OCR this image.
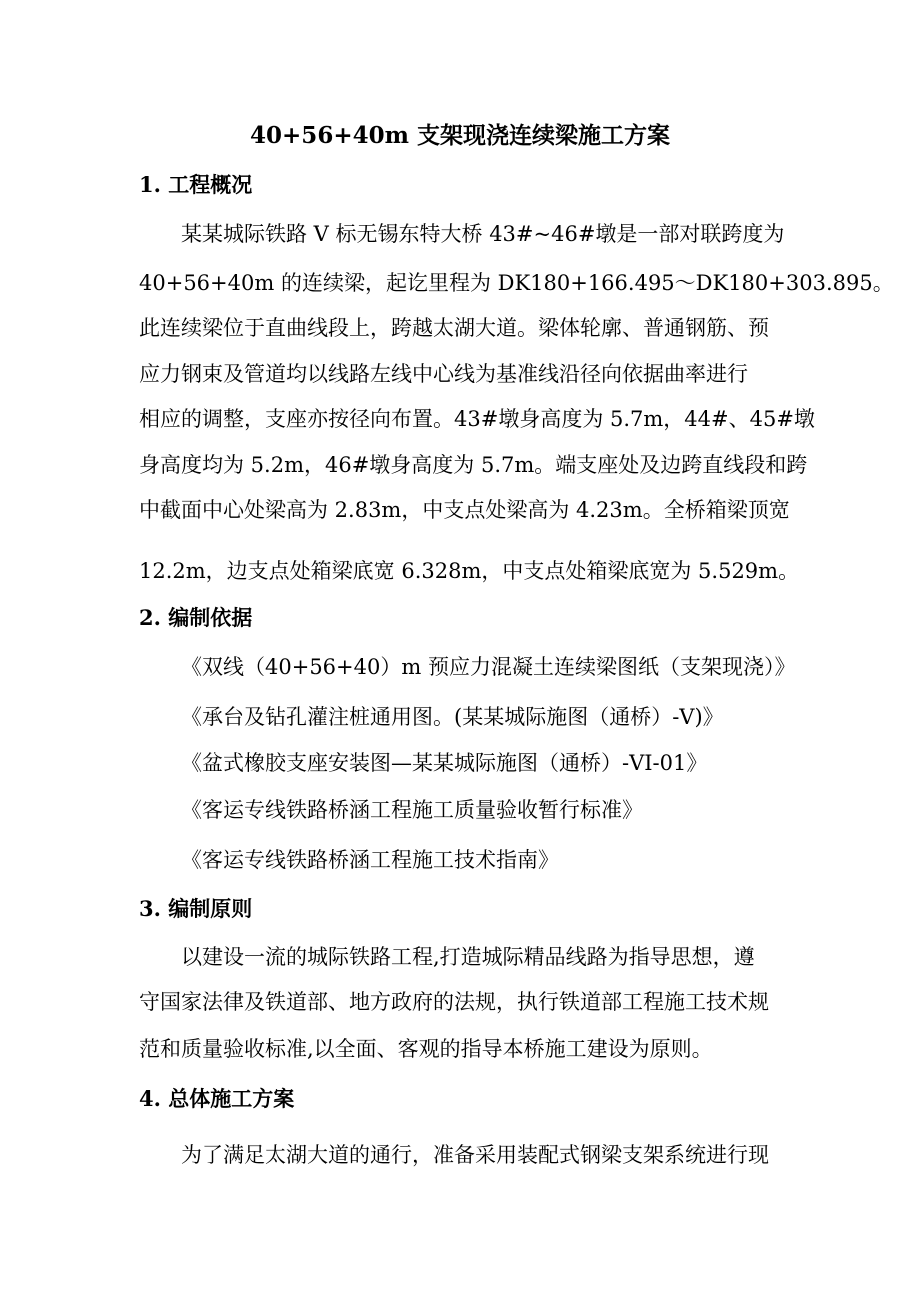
40+56+40m 支架现浇连续梁施工方案
1. 工程概况
某某城际铁路 V 标无锡东特大桥 43#~46#墩是一部对联跨度为
40+56+40m 的连续梁，起讫里程为 DK180+166.495～DK180+303.895。
此连续梁位于直曲线段上，跨越太湖大道。梁体轮廓、普通钢筋、预
应力钢束及管道均以线路左线中心线为基准线沿径向依据曲率进行
相应的调整，支座亦按径向布置。43#墩身高度为 5.7m，44#、45#墩
身高度均为 5.2m，46#墩身高度为 5.7m。端支座处及边跨直线段和跨
中截面中心处梁高为 2.83m，中支点处梁高为 4.23m。全桥箱梁顶宽
12.2m，边支点处箱梁底宽 6.328m，中支点处箱梁底宽为 5.529m。
2. 编制依据
《双线（40+56+40）m 预应力混凝土连续梁图纸（支架现浇）》
《承台及钻孔灌注桩通用图。(某某城际施图（通桥）-V)》
《盆式橡胶支座安装图—某某城际施图（通桥）-VI-01》
《客运专线铁路桥涵工程施工质量验收暂行标准》
《客运专线铁路桥涵工程施工技术指南》
3. 编制原则
以建设一流的城际铁路工程,打造城际精品线路为指导思想，遵
守国家法律及铁道部、地方政府的法规，执行铁道部工程施工技术规
范和质量验收标准,以全面、客观的指导本桥施工建设为原则。
4. 总体施工方案
为了满足太湖大道的通行，准备采用装配式钢梁支架系统进行现
